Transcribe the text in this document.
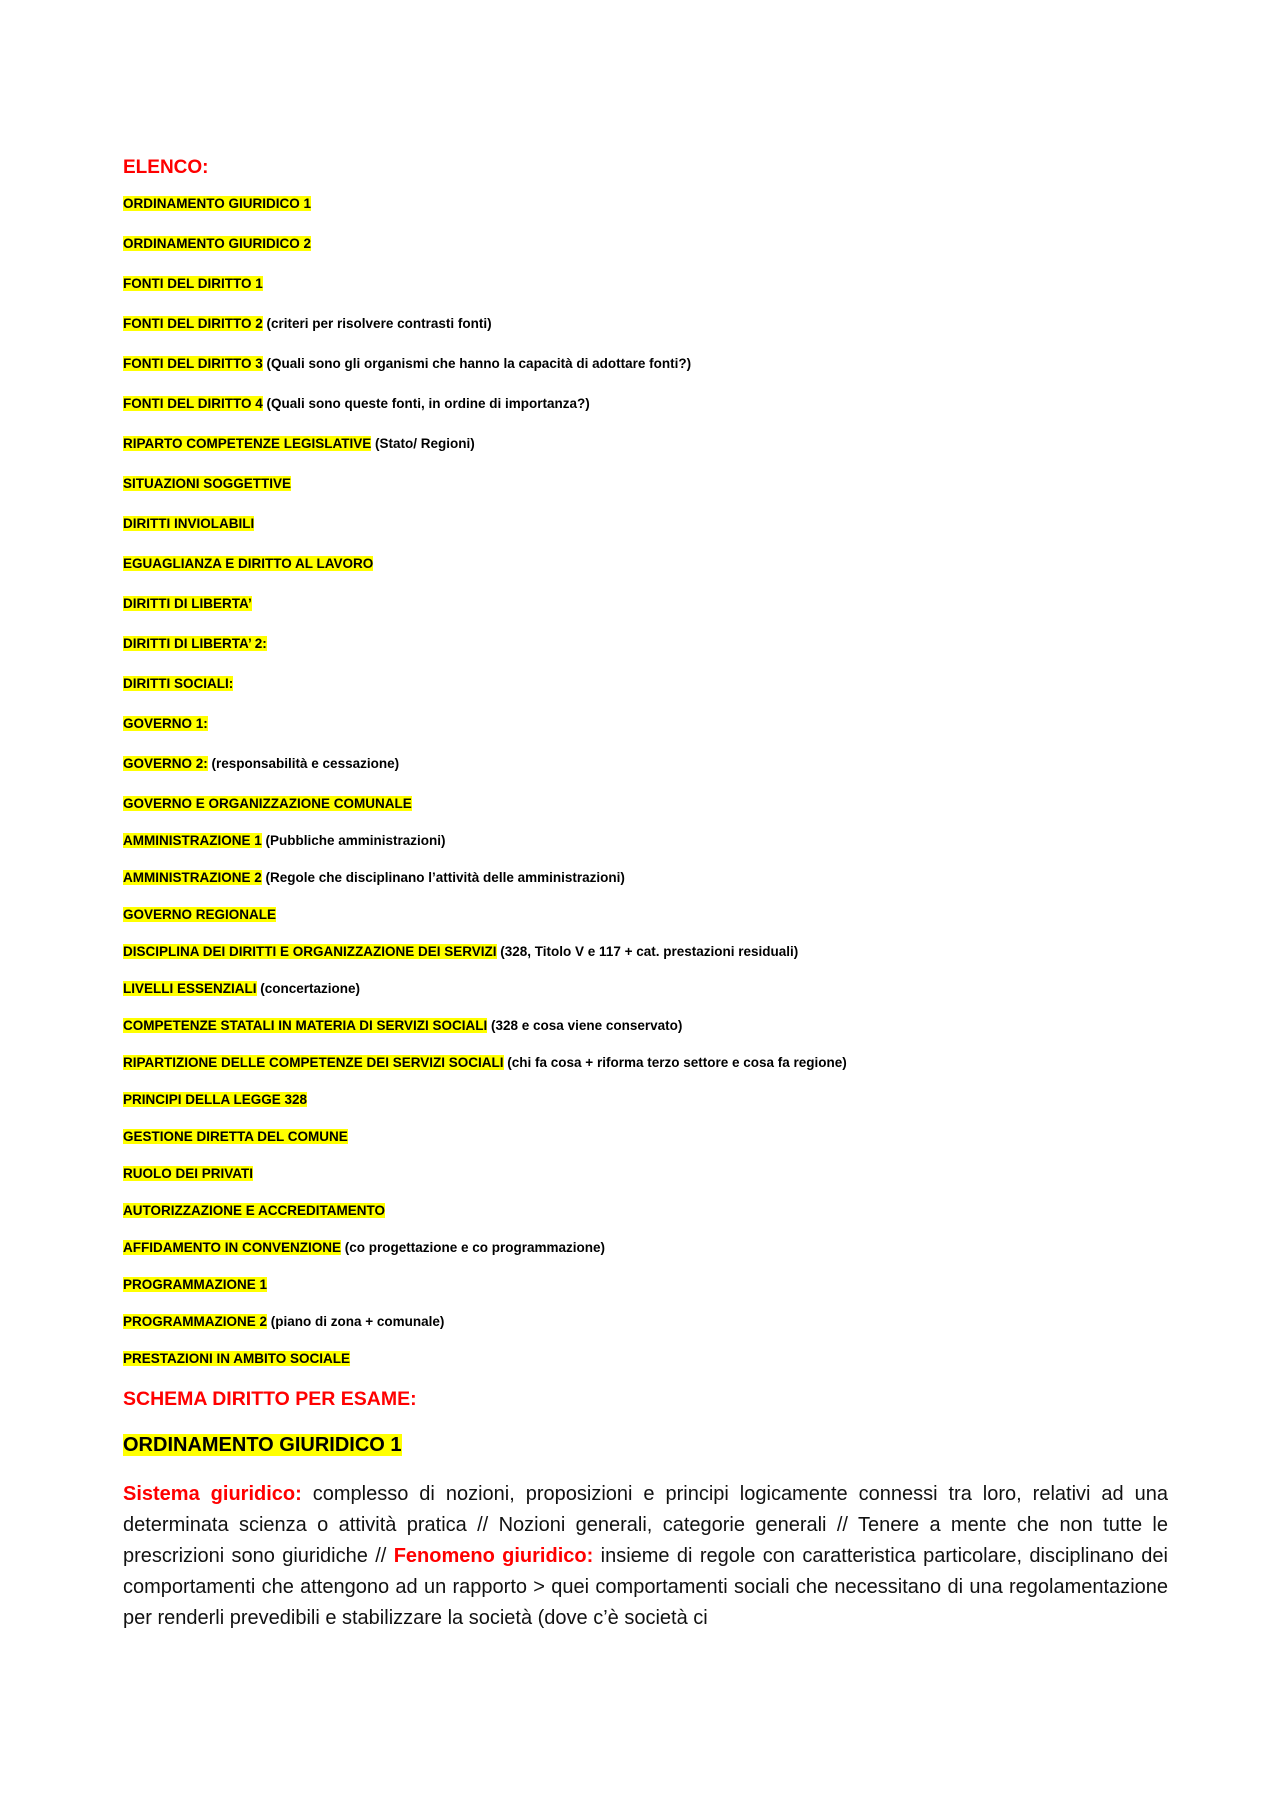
ELENCO:
ORDINAMENTO GIURIDICO 1
ORDINAMENTO GIURIDICO 2
FONTI DEL DIRITTO 1
FONTI DEL DIRITTO 2 (criteri per risolvere contrasti fonti)
FONTI DEL DIRITTO 3 (Quali sono gli organismi che hanno la capacità di adottare fonti?)
FONTI DEL DIRITTO 4 (Quali sono queste fonti, in ordine di importanza?)
RIPARTO COMPETENZE LEGISLATIVE (Stato/ Regioni)
SITUAZIONI SOGGETTIVE
DIRITTI INVIOLABILI
EGUAGLIANZA E DIRITTO AL LAVORO
DIRITTI DI LIBERTA’
DIRITTI DI LIBERTA’ 2:
DIRITTI SOCIALI:
GOVERNO 1:
GOVERNO 2: (responsabilità e cessazione)
GOVERNO E ORGANIZZAZIONE COMUNALE
AMMINISTRAZIONE 1 (Pubbliche amministrazioni)
AMMINISTRAZIONE 2 (Regole che disciplinano l’attività delle amministrazioni)
GOVERNO REGIONALE
DISCIPLINA DEI DIRITTI E ORGANIZZAZIONE DEI SERVIZI (328, Titolo V e 117 + cat. prestazioni residuali)
LIVELLI ESSENZIALI (concertazione)
COMPETENZE STATALI IN MATERIA DI SERVIZI SOCIALI (328 e cosa viene conservato)
RIPARTIZIONE DELLE COMPETENZE DEI SERVIZI SOCIALI (chi fa cosa + riforma terzo settore e cosa fa regione)
PRINCIPI DELLA LEGGE 328
GESTIONE DIRETTA DEL COMUNE
RUOLO DEI PRIVATI
AUTORIZZAZIONE E ACCREDITAMENTO
AFFIDAMENTO IN CONVENZIONE (co progettazione e co programmazione)
PROGRAMMAZIONE 1
PROGRAMMAZIONE 2 (piano di zona + comunale)
PRESTAZIONI IN AMBITO SOCIALE
SCHEMA DIRITTO PER ESAME:
ORDINAMENTO GIURIDICO 1

Sistema giuridico: complesso di nozioni, proposizioni e principi logicamente connessi tra loro, relativi ad una determinata scienza o attività pratica // Nozioni generali, categorie generali // Tenere a mente che non tutte le prescrizioni sono giuridiche // Fenomeno giuridico: insieme di regole con caratteristica particolare, disciplinano dei comportamenti che attengono ad un rapporto > quei comportamenti sociali che necessitano di una regolamentazione per renderli prevedibili e stabilizzare la società (dove c’è società ci
